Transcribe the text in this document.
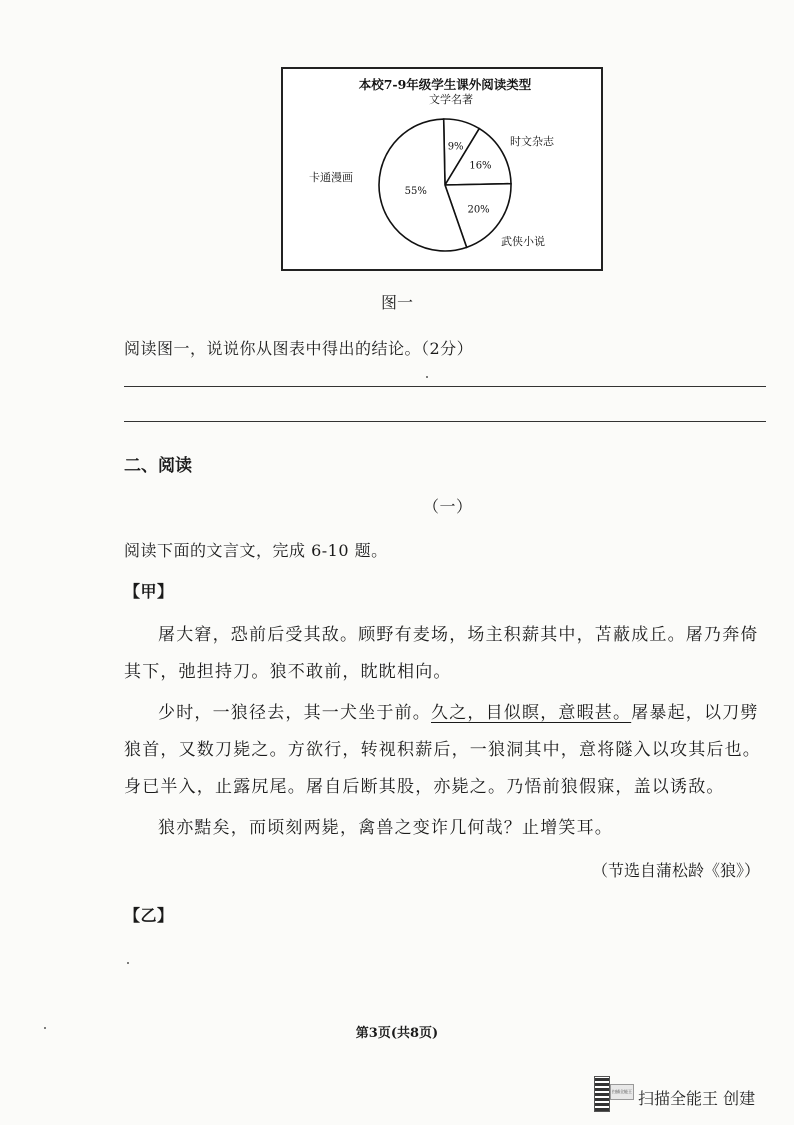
本校7-9年级学生课外阅读类型
9%
文学名著
16%
时文杂志
20%
武侠小说
55%
卡通漫画
图一
阅读图一，说说你从图表中得出的结论。（2分）
二、阅读
（一）
阅读下面的文言文，完成 6-10 题。
【甲】
屠大窘，恐前后受其敌。顾野有麦场，场主积薪其中，苫蔽成丘。屠乃奔倚其下，弛担持刀。狼不敢前，眈眈相向。
少时，一狼径去，其一犬坐于前。久之，目似瞑，意暇甚。屠暴起，以刀劈狼首，又数刀毙之。方欲行，转视积薪后，一狼洞其中，意将隧入以攻其后也。身已半入，止露尻尾。屠自后断其股，亦毙之。乃悟前狼假寐，盖以诱敌。
狼亦黠矣，而顷刻两毙，禽兽之变诈几何哉？止增笑耳。
（节选自蒲松龄《狼》）
【乙】
第3页(共8页)
扫描全能王 扫描全能王 创建
